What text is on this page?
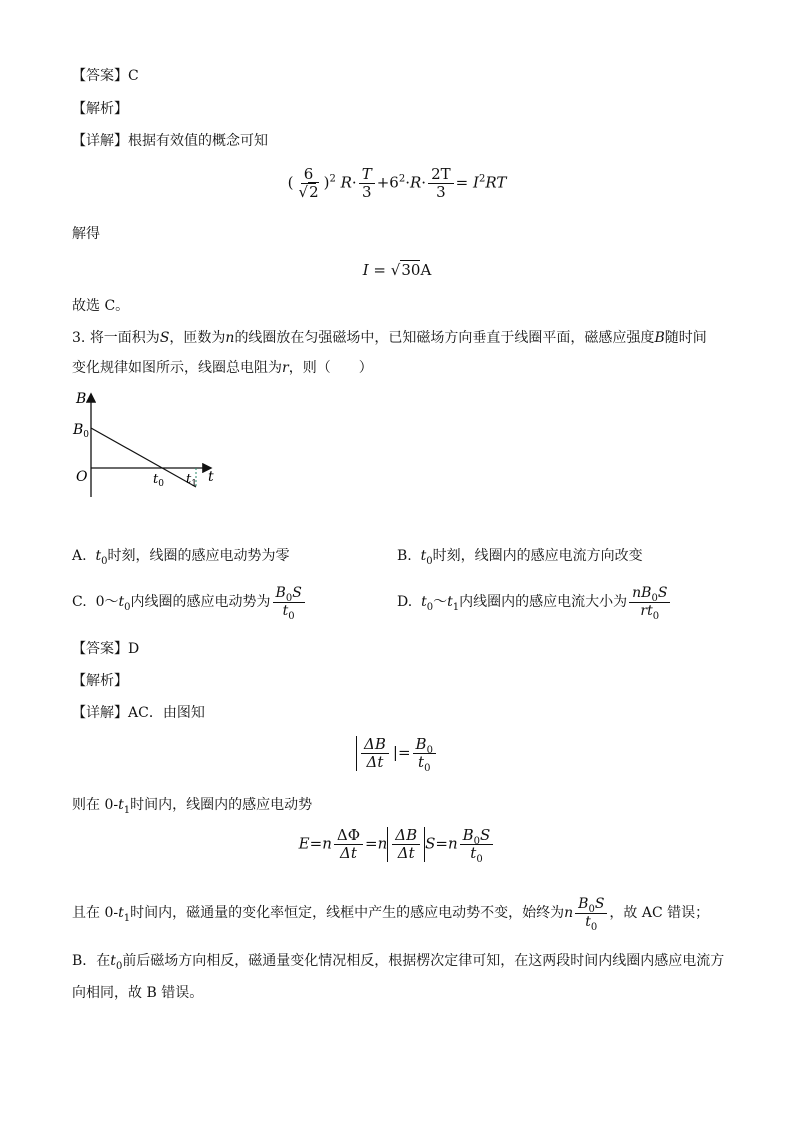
【答案】C
【解析】
【详解】根据有效值的概念可知
( $\frac{6}{√2} )^2$ $R\cdot \frac{T}{3} +6^2\cdot R\cdot \frac{2T}{3} = I^2RT$
解得
I = √30A
故选 C。
3. 将一面积为S，匝数为n的线圈放在匀强磁场中，已知磁场方向垂直于线圈平面，磁感应强度B随时间
变化规律如图所示，线圈总电阻为r，则（　　）
B
t
O
$B_0$
$t_0$ $t_1$
A. $t_0$时刻，线圈的感应电动势为零	B. $t_0$时刻，线圈内的感应电流方向改变
C. $0\sim t_0$内线圈的感应电动势为 $\frac{B_0S}{t_0}$	D. $t_0\sim t_1$内线圈内的感应电流大小为 $\frac{nB_0S}{rt_0}$
【答案】D
【解析】
【详解】AC．由图知
$\frac{\Delta B}{\Delta t}$ |= $\frac{B_0}{t_0}$
则在 $0-t_1$时间内，线圈内的感应电动势
$E=n \frac{\Delta\Phi}{\Delta t} =n \frac{\Delta B}{\Delta t} S=n \frac{B_0S}{t_0}$
且在 $0-t_1$时间内，磁通量的变化率恒定，线框中产生的感应电动势不变，始终为n $\frac{B_0S}{t_0}$ ，故 AC 错误；
B．在$t_0$前后磁场方向相反，磁通量变化情况相反，根据楞次定律可知，在这两段时间内线圈内感应电流方
向相同，故 B 错误。
